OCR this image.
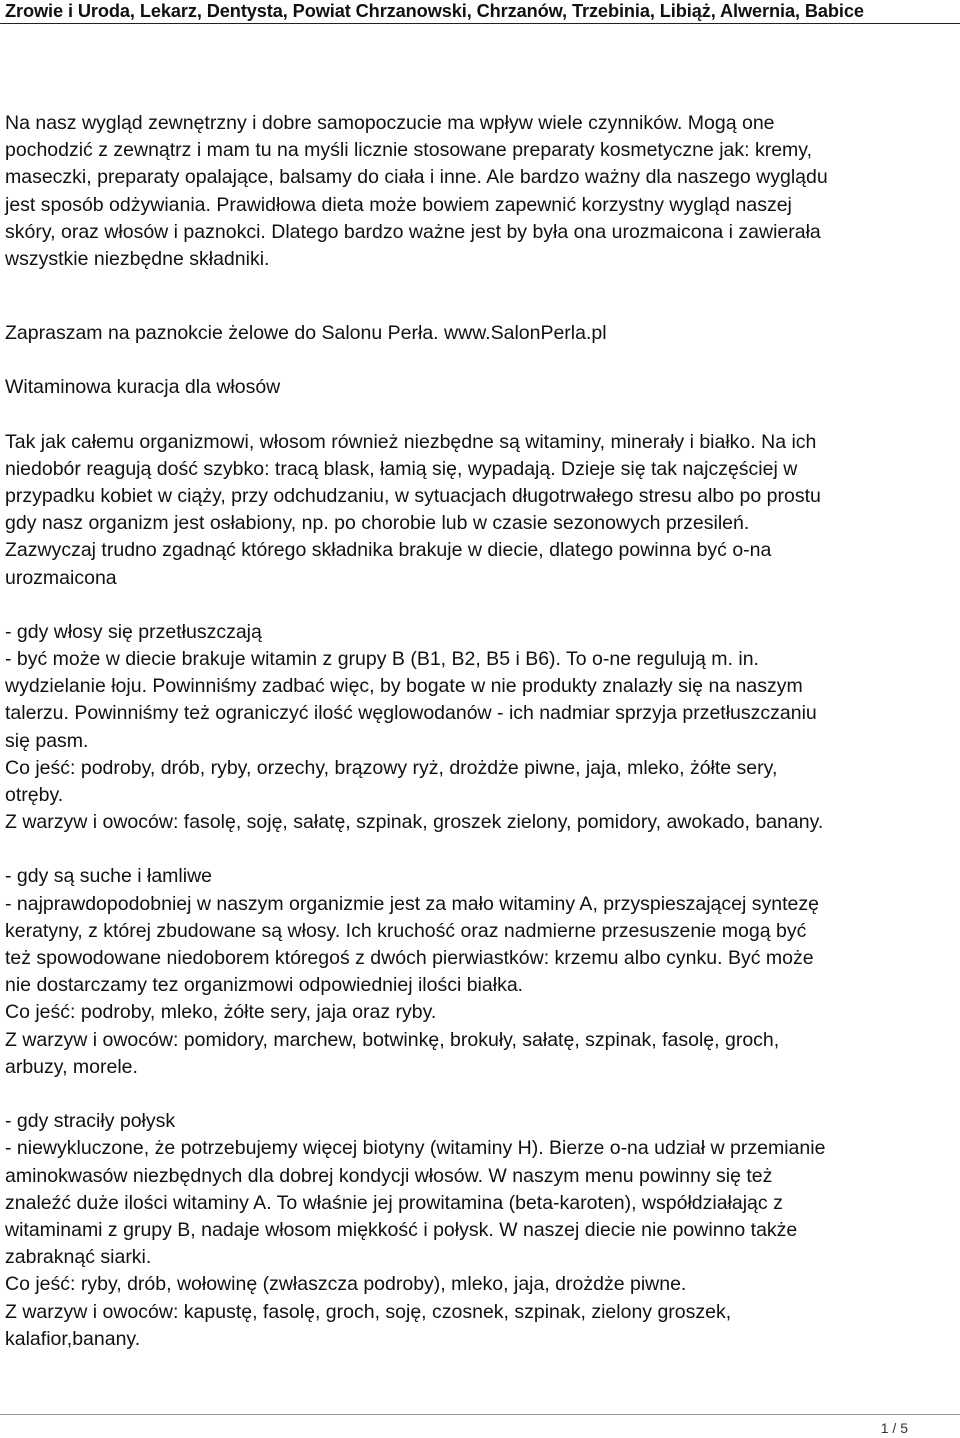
Zrowie i Uroda, Lekarz, Dentysta, Powiat Chrzanowski, Chrzanów, Trzebinia, Libiąż, Alwernia, Babice

Na nasz wygląd zewnętrzny i dobre samopoczucie ma wpływ wiele czynników. Mogą one
pochodzić z zewnątrz i mam tu na myśli licznie stosowane preparaty kosmetyczne jak: kremy,
maseczki, preparaty opalające, balsamy do ciała i inne. Ale bardzo ważny dla naszego wyglądu
jest sposób odżywiania. Prawidłowa dieta może bowiem zapewnić korzystny wygląd naszej
skóry, oraz włosów i paznokci. Dlatego bardzo ważne jest by była ona urozmaicona i zawierała
wszystkie niezbędne składniki.

Zapraszam na paznokcie żelowe do Salonu Perła. www.SalonPerla.pl

Witaminowa kuracja dla włosów

Tak jak całemu organizmowi, włosom również niezbędne są witaminy, minerały i białko. Na ich
niedobór reagują dość szybko: tracą blask, łamią się, wypadają. Dzieje się tak najczęściej w
przypadku kobiet w ciąży, przy odchudzaniu, w sytuacjach długotrwałego stresu albo po prostu
gdy nasz organizm jest osłabiony, np. po chorobie lub w czasie sezonowych przesileń.
Zazwyczaj trudno zgadnąć którego składnika brakuje w diecie, dlatego powinna być o-na
urozmaicona

- gdy włosy się przetłuszczają
- być może w diecie brakuje witamin z grupy B (B1, B2, B5 i B6). To o-ne regulują m. in.
wydzielanie łoju. Powinniśmy zadbać więc, by bogate w nie produkty znalazły się na naszym
talerzu. Powinniśmy też ograniczyć ilość węglowodanów - ich nadmiar sprzyja przetłuszczaniu
się pasm.
Co jeść: podroby, drób, ryby, orzechy, brązowy ryż, drożdże piwne, jaja, mleko, żółte sery,
otręby.
Z warzyw i owoców: fasolę, soję, sałatę, szpinak, groszek zielony, pomidory, awokado, banany.

- gdy są suche i łamliwe
- najprawdopodobniej w naszym organizmie jest za mało witaminy A, przyspieszającej syntezę
keratyny, z której zbudowane są włosy. Ich kruchość oraz nadmierne przesuszenie mogą być
też spowodowane niedoborem któregoś z dwóch pierwiastków: krzemu albo cynku. Być może
nie dostarczamy tez organizmowi odpowiedniej ilości białka.
Co jeść: podroby, mleko, żółte sery, jaja oraz ryby.
Z warzyw i owoców: pomidory, marchew, botwinkę, brokuły, sałatę, szpinak, fasolę, groch,
arbuzy, morele.

- gdy straciły połysk
- niewykluczone, że potrzebujemy więcej biotyny (witaminy H). Bierze o-na udział w przemianie
aminokwasów niezbędnych dla dobrej kondycji włosów. W naszym menu powinny się też
znaleźć duże ilości witaminy A. To właśnie jej prowitamina (beta-karoten), współdziałając z
witaminami z grupy B, nadaje włosom miękkość i połysk. W naszej diecie nie powinno także
zabraknąć siarki.
Co jeść: ryby, drób, wołowinę (zwłaszcza podroby), mleko, jaja, drożdże piwne.
Z warzyw i owoców: kapustę, fasolę, groch, soję, czosnek, szpinak, zielony groszek,
kalafior,banany.

1 / 5
